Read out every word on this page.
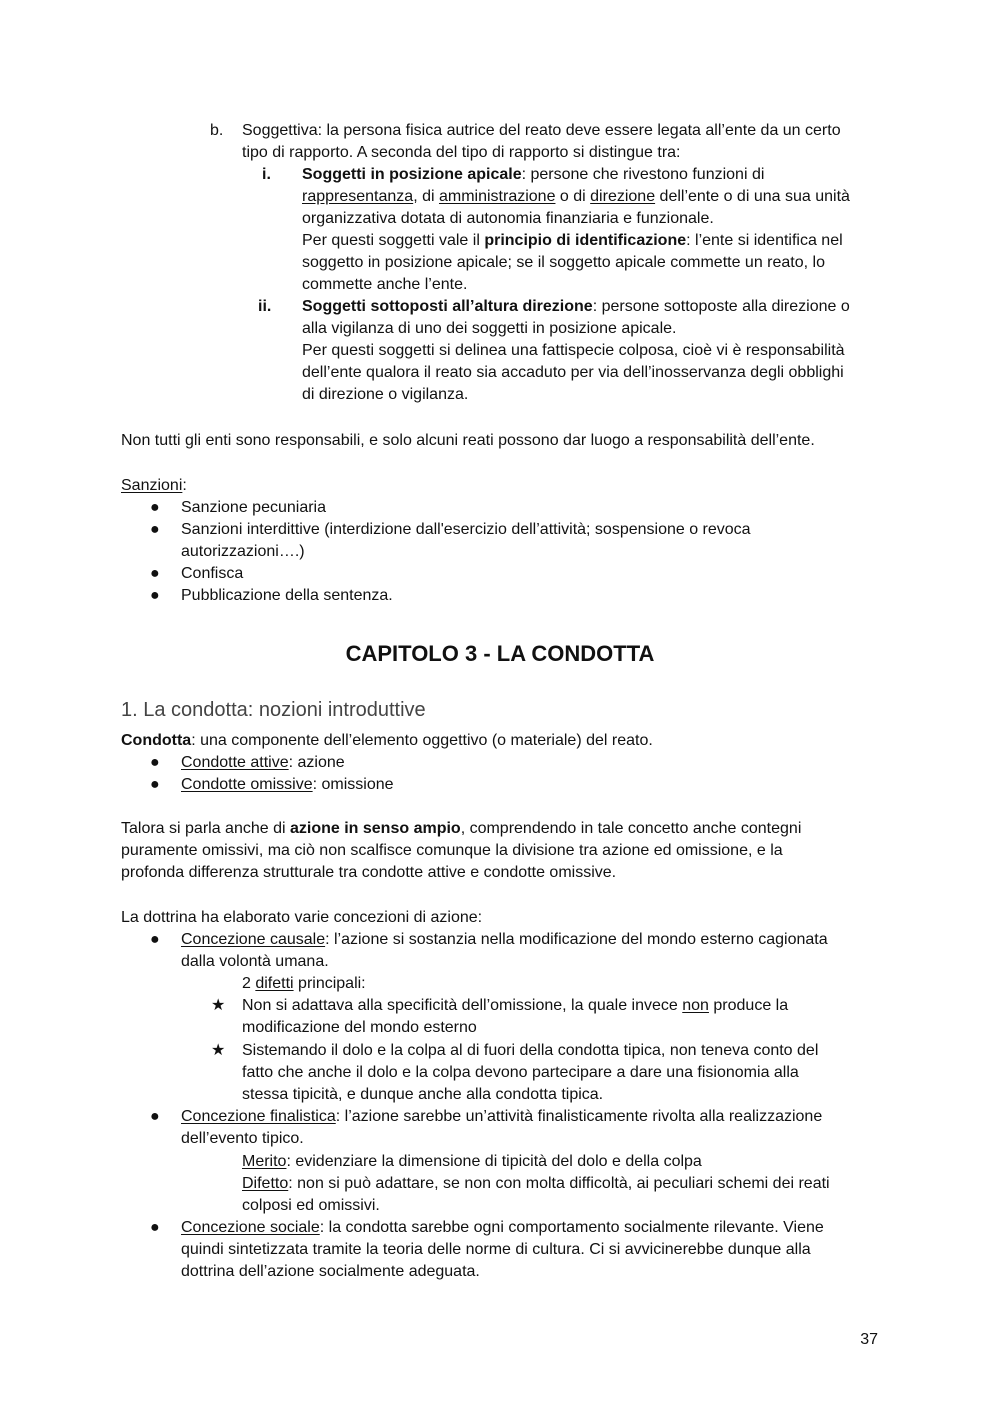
b. Soggettiva: la persona fisica autrice del reato deve essere legata all’ente da un certo
tipo di rapporto. A seconda del tipo di rapporto si distingue tra:
i. Soggetti in posizione apicale: persone che rivestono funzioni di
rappresentanza, di amministrazione o di direzione dell’ente o di una sua unità
organizzativa dotata di autonomia finanziaria e funzionale.
Per questi soggetti vale il principio di identificazione: l’ente si identifica nel
soggetto in posizione apicale; se il soggetto apicale commette un reato, lo
commette anche l’ente.
ii. Soggetti sottoposti all’altura direzione: persone sottoposte alla direzione o
alla vigilanza di uno dei soggetti in posizione apicale.
Per questi soggetti si delinea una fattispecie colposa, cioè vi è responsabilità
dell’ente qualora il reato sia accaduto per via dell’inosservanza degli obblighi
di direzione o vigilanza.
Non tutti gli enti sono responsabili, e solo alcuni reati possono dar luogo a responsabilità dell’ente.
Sanzioni:
● Sanzione pecuniaria
● Sanzioni interdittive (interdizione dall'esercizio dell’attività; sospensione o revoca
autorizzazioni….)
● Confisca
● Pubblicazione della sentenza.
CAPITOLO 3 - LA CONDOTTA
1. La condotta: nozioni introduttive
Condotta: una componente dell’elemento oggettivo (o materiale) del reato.
● Condotte attive: azione
● Condotte omissive: omissione
Talora si parla anche di azione in senso ampio, comprendendo in tale concetto anche contegni
puramente omissivi, ma ciò non scalfisce comunque la divisione tra azione ed omissione, e la
profonda differenza strutturale tra condotte attive e condotte omissive.
La dottrina ha elaborato varie concezioni di azione:
● Concezione causale: l’azione si sostanzia nella modificazione del mondo esterno cagionata
dalla volontà umana.
2 difetti principali:
★ Non si adattava alla specificità dell’omissione, la quale invece non produce la
modificazione del mondo esterno
★ Sistemando il dolo e la colpa al di fuori della condotta tipica, non teneva conto del
fatto che anche il dolo e la colpa devono partecipare a dare una fisionomia alla
stessa tipicità, e dunque anche alla condotta tipica.
● Concezione finalistica: l’azione sarebbe un’attività finalisticamente rivolta alla realizzazione
dell’evento tipico.
Merito: evidenziare la dimensione di tipicità del dolo e della colpa
Difetto: non si può adattare, se non con molta difficoltà, ai peculiari schemi dei reati
colposi ed omissivi.
● Concezione sociale: la condotta sarebbe ogni comportamento socialmente rilevante. Viene
quindi sintetizzata tramite la teoria delle norme di cultura. Ci si avvicinerebbe dunque alla
dottrina dell’azione socialmente adeguata.
37
